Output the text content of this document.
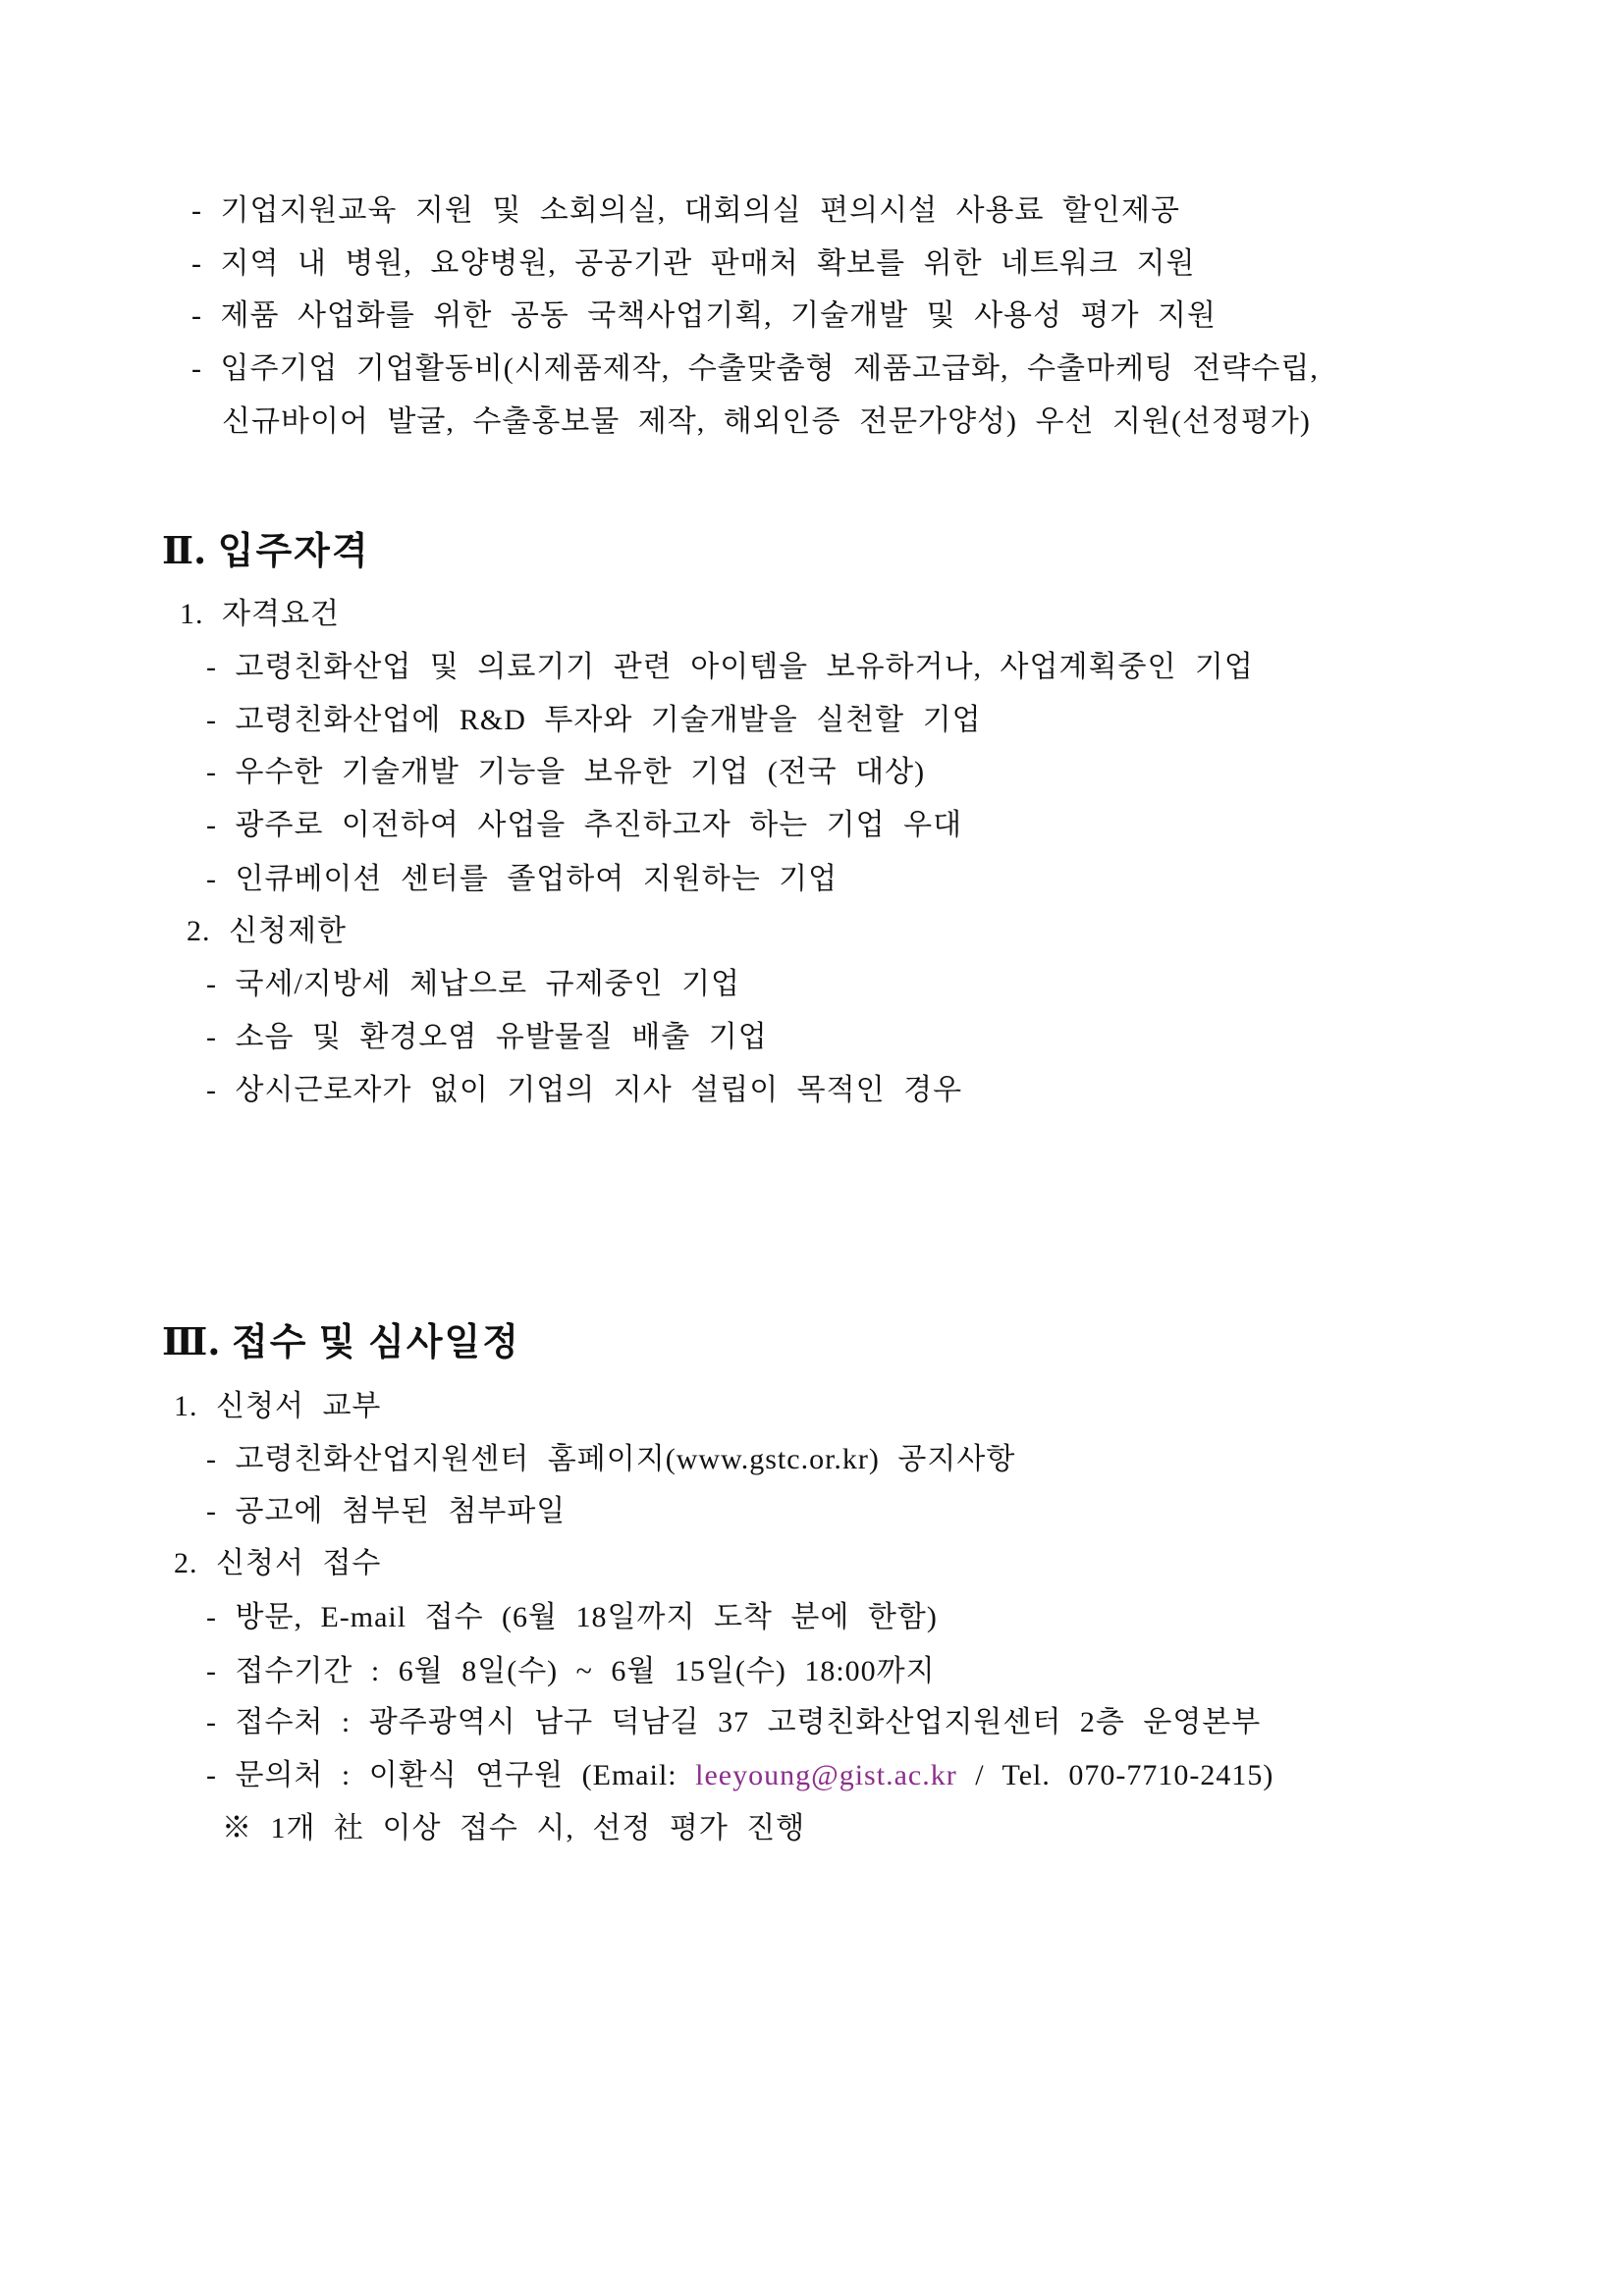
- 기업지원교육 지원 및 소회의실, 대회의실 편의시설 사용료 할인제공
- 지역 내 병원, 요양병원, 공공기관 판매처 확보를 위한 네트워크 지원
- 제품 사업화를 위한 공동 국책사업기획, 기술개발 및 사용성 평가 지원
- 입주기업 기업활동비(시제품제작, 수출맞춤형 제품고급화, 수출마케팅 전략수립,
신규바이어 발굴, 수출홍보물 제작, 해외인증 전문가양성) 우선 지원(선정평가)
Ⅱ. 입주자격
1. 자격요건
- 고령친화산업 및 의료기기 관련 아이템을 보유하거나, 사업계획중인 기업
- 고령친화산업에 R&D 투자와 기술개발을 실천할 기업
- 우수한 기술개발 기능을 보유한 기업 (전국 대상)
- 광주로 이전하여 사업을 추진하고자 하는 기업 우대
- 인큐베이션 센터를 졸업하여 지원하는 기업
2. 신청제한
- 국세/지방세 체납으로 규제중인 기업
- 소음 및 환경오염 유발물질 배출 기업
- 상시근로자가 없이 기업의 지사 설립이 목적인 경우
Ⅲ. 접수 및 심사일정
1. 신청서 교부
- 고령친화산업지원센터 홈페이지(www.gstc.or.kr) 공지사항
- 공고에 첨부된 첨부파일
2. 신청서 접수
- 방문, E-mail 접수 (6월 18일까지 도착 분에 한함)
- 접수기간 : 6월 8일(수) ~ 6월 15일(수) 18:00까지
- 접수처 : 광주광역시 남구 덕남길 37 고령친화산업지원센터 2층 운영본부
- 문의처 : 이환식 연구원 (Email: leeyoung@gist.ac.kr / Tel. 070-7710-2415)
※ 1개 社 이상 접수 시, 선정 평가 진행
